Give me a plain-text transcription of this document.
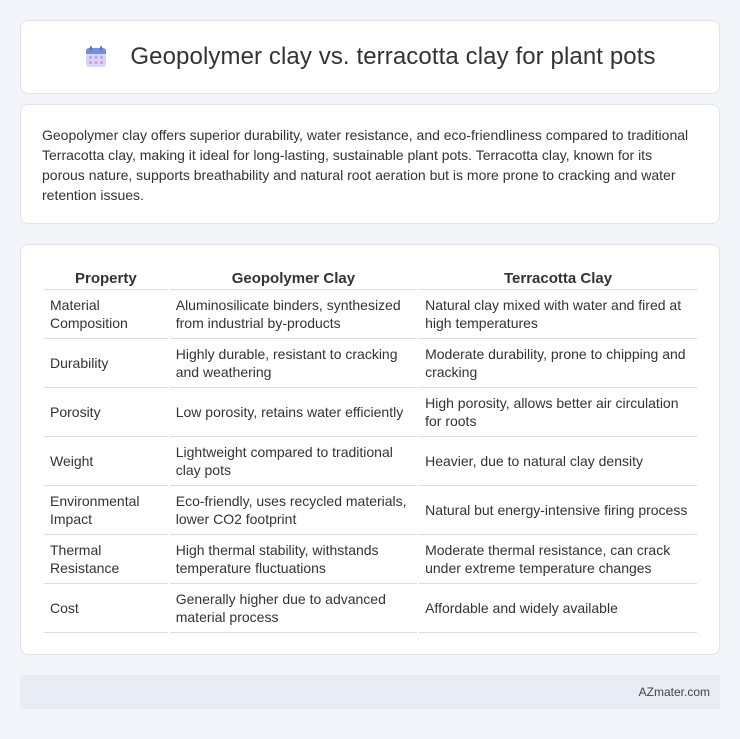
Geopolymer clay vs. terracotta clay for plant pots

Geopolymer clay offers superior durability, water resistance, and eco-friendliness compared to traditional Terracotta clay, making it ideal for long-lasting, sustainable plant pots. Terracotta clay, known for its porous nature, supports breathability and natural root aeration but is more prone to cracking and water retention issues.

Property	Geopolymer Clay	Terracotta Clay
Material Composition	Aluminosilicate binders, synthesized from industrial by-products	Natural clay mixed with water and fired at high temperatures
Durability	Highly durable, resistant to cracking and weathering	Moderate durability, prone to chipping and cracking
Porosity	Low porosity, retains water efficiently	High porosity, allows better air circulation for roots
Weight	Lightweight compared to traditional clay pots	Heavier, due to natural clay density
Environmental Impact	Eco-friendly, uses recycled materials, lower CO2 footprint	Natural but energy-intensive firing process
Thermal Resistance	High thermal stability, withstands temperature fluctuations	Moderate thermal resistance, can crack under extreme temperature changes
Cost	Generally higher due to advanced material process	Affordable and widely available
AZmater.com
